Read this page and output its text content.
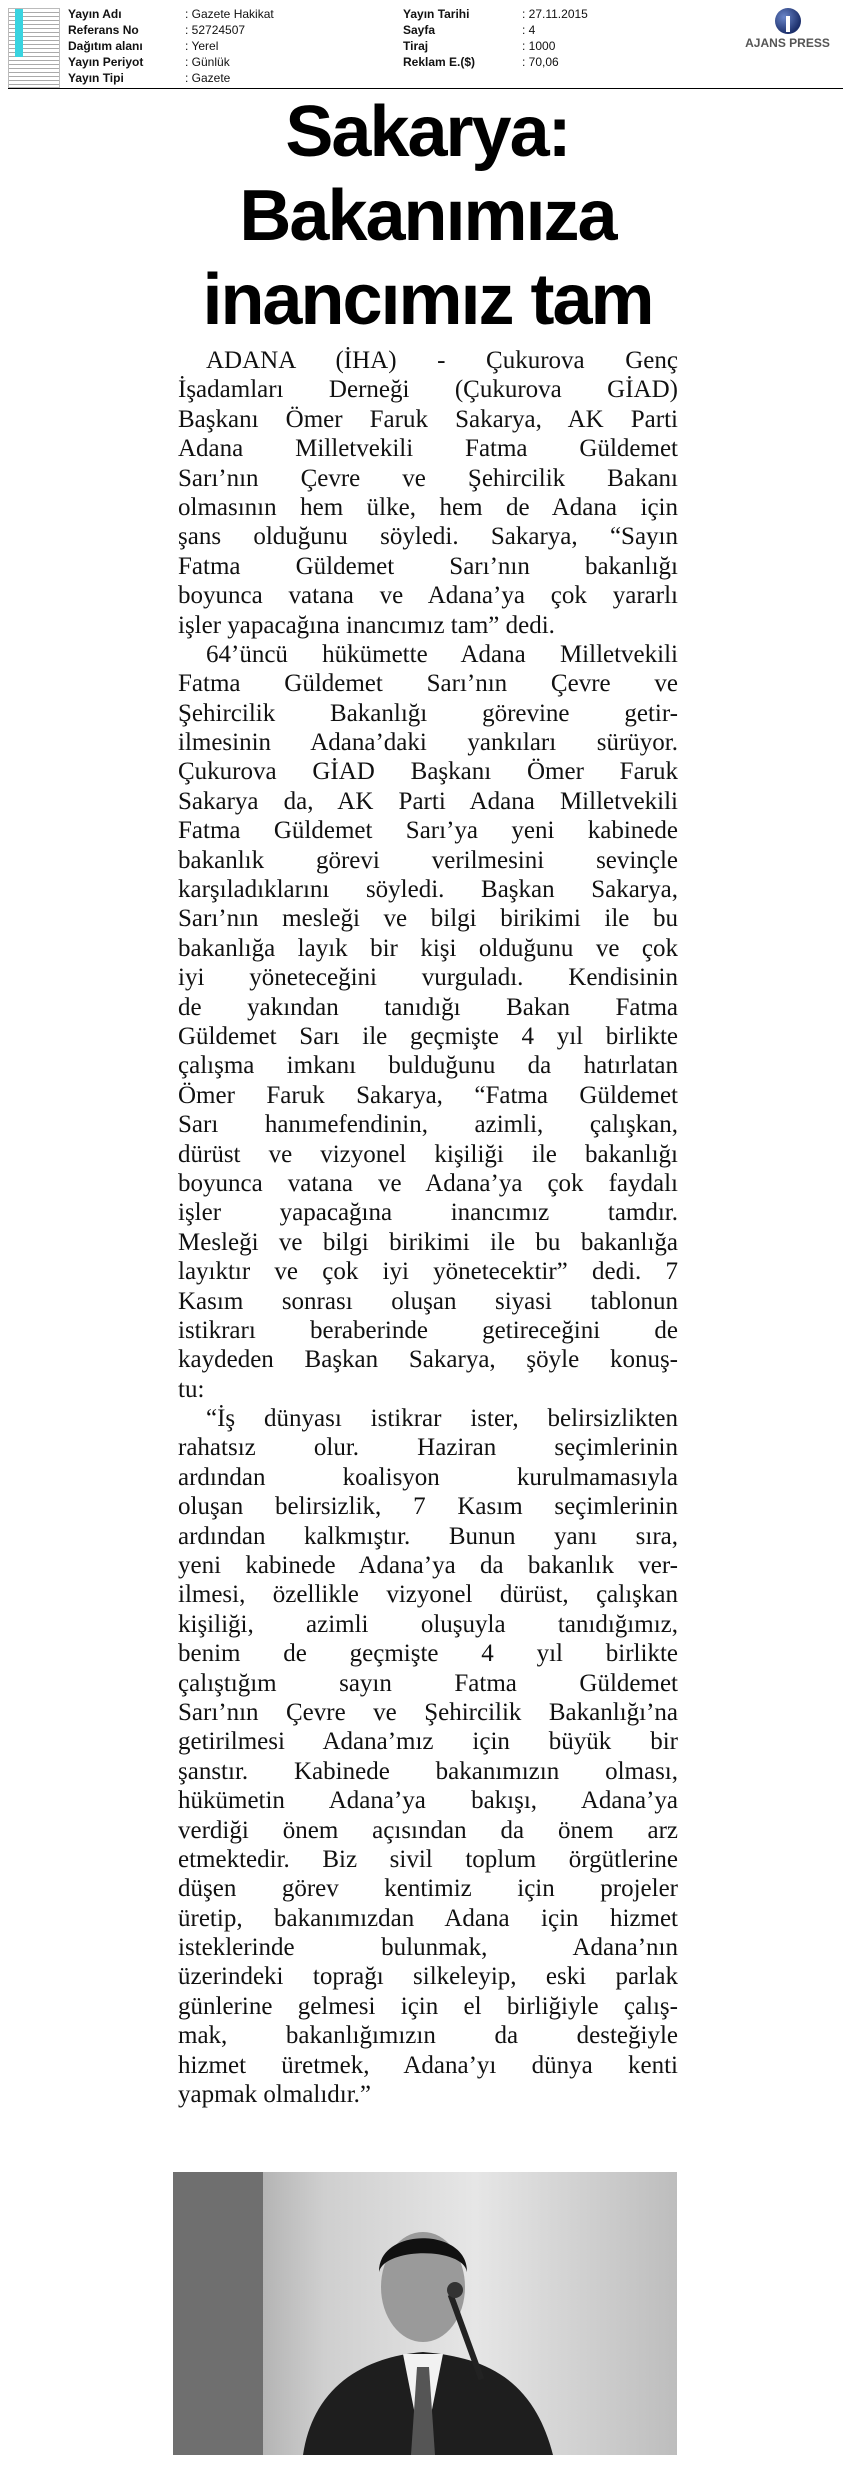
Yayın Adı
Referans No
Dağıtım alanı
Yayın Periyot
Yayın Tipi
: Gazete Hakikat
: 52724507
: Yerel
: Günlük
: Gazete
Yayın Tarihi
Sayfa
Tiraj
Reklam E.($)
: 27.11.2015
: 4
: 1000
: 70,06
AJANS PRESS
Sakarya:
Bakanımıza
inancımız tam
ADANA (İHA) - Çukurova Genç
İşadamları Derneği (Çukurova GİAD)
Başkanı Ömer Faruk Sakarya, AK Parti
Adana Milletvekili Fatma Güldemet
Sarı’nın Çevre ve Şehircilik Bakanı
olmasının hem ülke, hem de Adana için
şans olduğunu söyledi. Sakarya, “Sayın
Fatma Güldemet Sarı’nın bakanlığı
boyunca vatana ve Adana’ya çok yararlı
işler yapacağına inancımız tam” dedi.
64’üncü hükümette Adana Milletvekili
Fatma Güldemet Sarı’nın Çevre ve
Şehircilik Bakanlığı görevine getir-
ilmesinin Adana’daki yankıları sürüyor.
Çukurova GİAD Başkanı Ömer Faruk
Sakarya da, AK Parti Adana Milletvekili
Fatma Güldemet Sarı’ya yeni kabinede
bakanlık görevi verilmesini sevinçle
karşıladıklarını söyledi. Başkan Sakarya,
Sarı’nın mesleği ve bilgi birikimi ile bu
bakanlığa layık bir kişi olduğunu ve çok
iyi yöneteceğini vurguladı. Kendisinin
de yakından tanıdığı Bakan Fatma
Güldemet Sarı ile geçmişte 4 yıl birlikte
çalışma imkanı bulduğunu da hatırlatan
Ömer Faruk Sakarya, “Fatma Güldemet
Sarı hanımefendinin, azimli, çalışkan,
dürüst ve vizyonel kişiliği ile bakanlığı
boyunca vatana ve Adana’ya çok faydalı
işler yapacağına inancımız tamdır.
Mesleği ve bilgi birikimi ile bu bakanlığa
layıktır ve çok iyi yönetecektir” dedi. 7
Kasım sonrası oluşan siyasi tablonun
istikrarı beraberinde getireceğini de
kaydeden Başkan Sakarya, şöyle konuş-
tu:
“İş dünyası istikrar ister, belirsizlikten
rahatsız olur. Haziran seçimlerinin
ardından koalisyon kurulmamasıyla
oluşan belirsizlik, 7 Kasım seçimlerinin
ardından kalkmıştır. Bunun yanı sıra,
yeni kabinede Adana’ya da bakanlık ver-
ilmesi, özellikle vizyonel dürüst, çalışkan
kişiliği, azimli oluşuyla tanıdığımız,
benim de geçmişte 4 yıl birlikte
çalıştığım sayın Fatma Güldemet
Sarı’nın Çevre ve Şehircilik Bakanlığı’na
getirilmesi Adana’mız için büyük bir
şanstır. Kabinede bakanımızın olması,
hükümetin Adana’ya bakışı, Adana’ya
verdiği önem açısından da önem arz
etmektedir. Biz sivil toplum örgütlerine
düşen görev kentimiz için projeler
üretip, bakanımızdan Adana için hizmet
isteklerinde bulunmak, Adana’nın
üzerindeki toprağı silkeleyip, eski parlak
günlerine gelmesi için el birliğiyle çalış-
mak, bakanlığımızın da desteğiyle
hizmet üretmek, Adana’yı dünya kenti
yapmak olmalıdır.”
